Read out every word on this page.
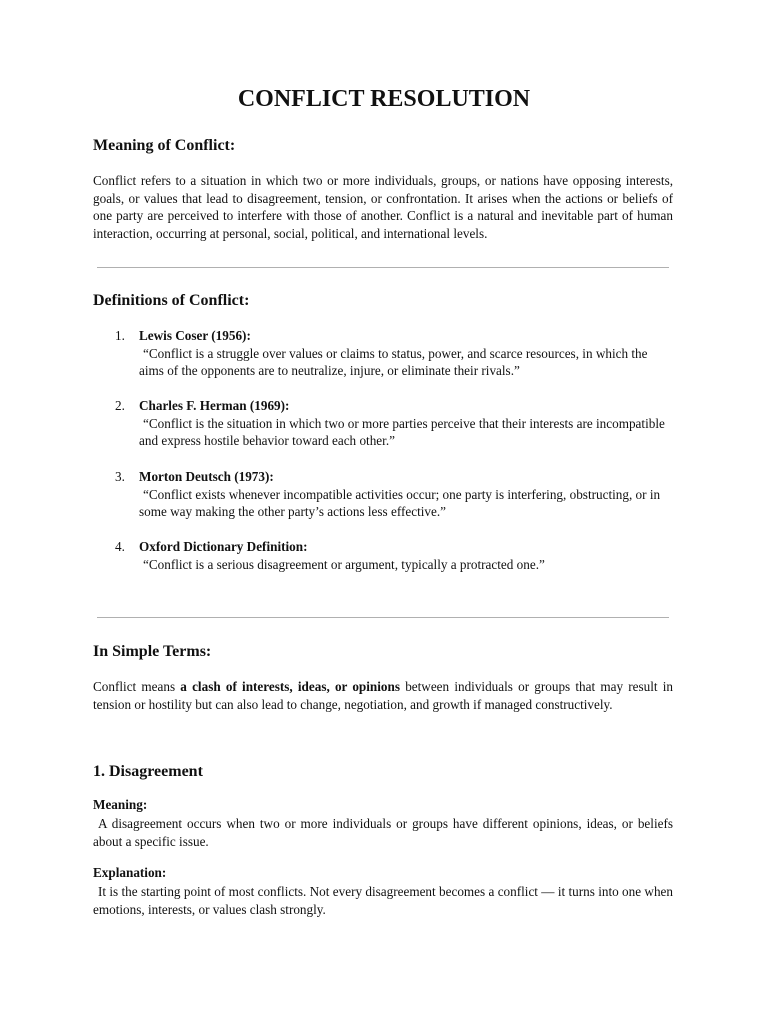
CONFLICT RESOLUTION
Meaning of Conflict:

Conflict refers to a situation in which two or more individuals, groups, or nations have opposing interests, goals, or values that lead to disagreement, tension, or confrontation. It arises when the actions or beliefs of one party are perceived to interfere with those of another. Conflict is a natural and inevitable part of human interaction, occurring at personal, social, political, and international levels.

Definitions of Conflict:
1. Lewis Coser (1956):
“Conflict is a struggle over values or claims to status, power, and scarce resources, in which the aims of the opponents are to neutralize, injure, or eliminate their rivals.”
2. Charles F. Herman (1969):
“Conflict is the situation in which two or more parties perceive that their interests are incompatible and express hostile behavior toward each other.”
3. Morton Deutsch (1973):
“Conflict exists whenever incompatible activities occur; one party is interfering, obstructing, or in some way making the other party’s actions less effective.”
4. Oxford Dictionary Definition:
“Conflict is a serious disagreement or argument, typically a protracted one.”
In Simple Terms:

Conflict means a clash of interests, ideas, or opinions between individuals or groups that may result in tension or hostility but can also lead to change, negotiation, and growth if managed constructively.

1. Disagreement
Meaning:

A disagreement occurs when two or more individuals or groups have different opinions, ideas, or beliefs about a specific issue.

Explanation:

It is the starting point of most conflicts. Not every disagreement becomes a conflict — it turns into one when emotions, interests, or values clash strongly.
